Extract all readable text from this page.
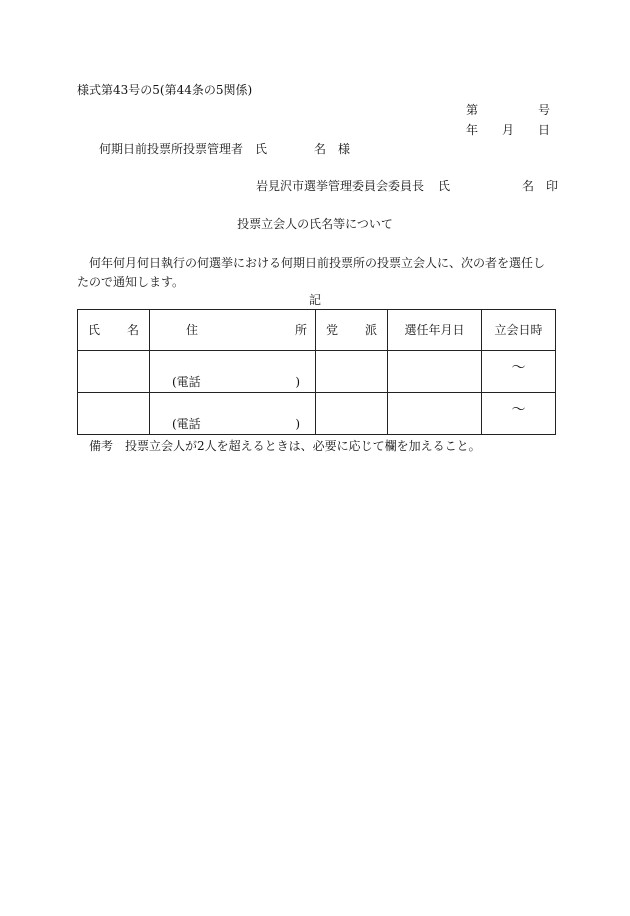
様式第43号の5(第44条の5関係)
第	号
年 月 日
何期日前投票所投票管理者 氏	名 様
岩見沢市選挙管理委員会委員長 氏	名 印
投票立会人の氏名等について
何年何月何日執行の何選挙における何期日前投票所の投票立会人に、次の者を選任したので通知します。
記
氏 名	住 所	党 派	選任年月日	立会日時

	(電話 )			～

	(電話 )			～
備考 投票立会人が2人を超えるときは、必要に応じて欄を加えること。
